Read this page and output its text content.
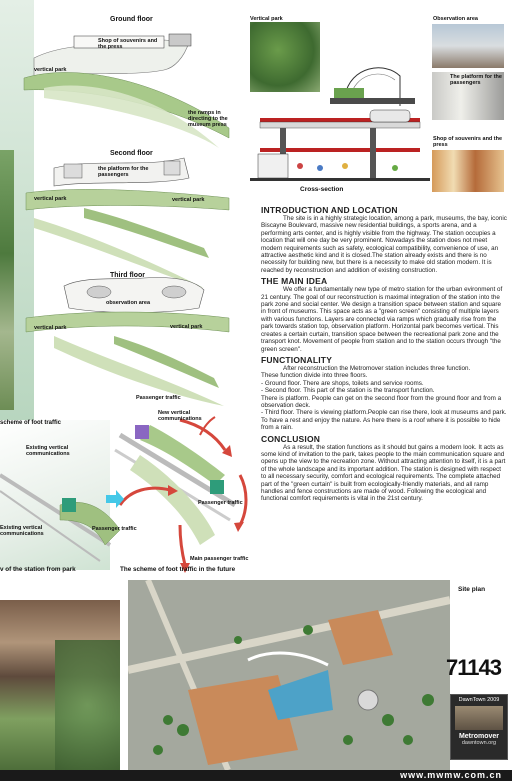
Ground floor
Shop of souvenirs and the press
vertical park
the ramps in directing to the museum press
Second floor
the platform for the passengers
vertical park	vertical park
Third floor
observation area
vertical park	vertical park
Vertical park
Cross-section
Observation area
The platform for the passengers
Shop of souvenirs and the press
INTRODUCTION AND LOCATION

The site is in a highly strategic location, among a park, museums, the bay, iconic Biscayne Boulevard, massive new residential buildings, a sports arena, and a performing arts center, and is highly visible from the highway. The station occupies a location that will one day be very prominent. Nowadays the station does not meet modern requirements such as safety, ecological compatibility, convenience of use, an attractive aesthetic kind and it is closed.The station already exists and there is no necessity for building new, but there is a necessity to make old station modern. It is reached by reconstruction and addition of existing construction.

THE MAIN IDEA

We offer a fundamentally new type of metro station for the urban evironment of 21 century. The goal of our reconstruction is maximal integration of the station into the park zone and social center. We design a transition space between station and square in front of museums. This space acts as a "green screen" consisting of multiple layers with various functions. Layers are connected via ramps which gradually rise from the park towards station top, observation platform. Horizontal park becomes vertical. This creates a certain curtain, transition space between the recreational park zone and the transport knot. Movement of people from station and to the station occurs through "the green screen".

FUNCTIONALITY

After reconstruction the Metromover station includes three function.

These function divide into three floors.

- Ground floor. There are shops, toilets and service rooms.

- Second floor. This part of the station is the transport function.

There is platform. People can get on the second floor from the ground floor and from a observation deck.

- Third floor. There is viewing platform.People can rise there, look at museums and park. To have a rest and enjoy the nature. As here there is a roof where it is possible to hide from a rain.

CONCLUSION

As a result, the station functions as it should but gains a modern look. It acts as some kind of invitation to the park, takes people to the main communication square and opens up the view to the recreation zone. Without attracting attention to itself, it is a part of the whole landscape and its important addition. The station is designed with respect to all necessary security, comfort and ecological requirements. The complete attached part of the "green curtain" is built from ecologically-friendly materials, and all ramp handles and fence constructions are made of wood. Following the ecological and functional comfort requirements is vital in the 21st century.

scheme of foot traffic
Passenger traffic
New vertical communications
Existing vertical communications
Existing vertical communications
Passenger traffic
Passenger traffic
Main passenger traffic
v of the station from park	The scheme of foot traffic in the future
Site plan
71143
DawnTown 2009
Metromover
dawntown.org
www.mwmw.com.cn
